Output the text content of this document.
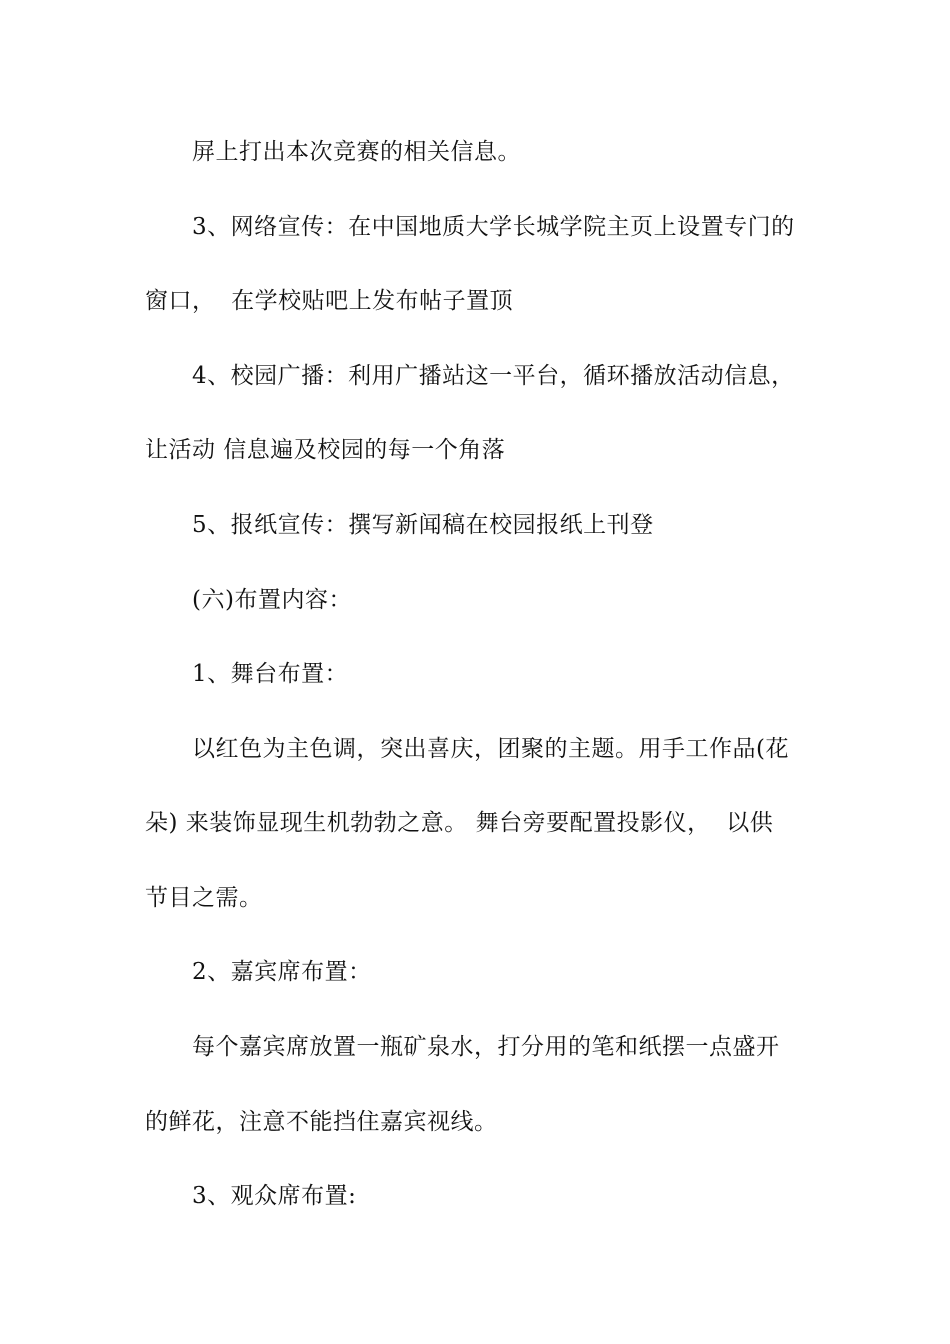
屏上打出本次竞赛的相关信息。
3、网络宣传：在中国地质大学长城学院主页上设置专门的
窗口，  在学校贴吧上发布帖子置顶
4、校园广播：利用广播站这一平台，循环播放活动信息，
让活动 信息遍及校园的每一个角落
5、报纸宣传：撰写新闻稿在校园报纸上刊登
(六)布置内容：
1、舞台布置：
以红色为主色调，突出喜庆，团聚的主题。用手工作品(花
朵) 来装饰显现生机勃勃之意。 舞台旁要配置投影仪，  以供
节目之需。
2、嘉宾席布置：
每个嘉宾席放置一瓶矿泉水，打分用的笔和纸摆一点盛开
的鲜花，注意不能挡住嘉宾视线。
3、观众席布置:
